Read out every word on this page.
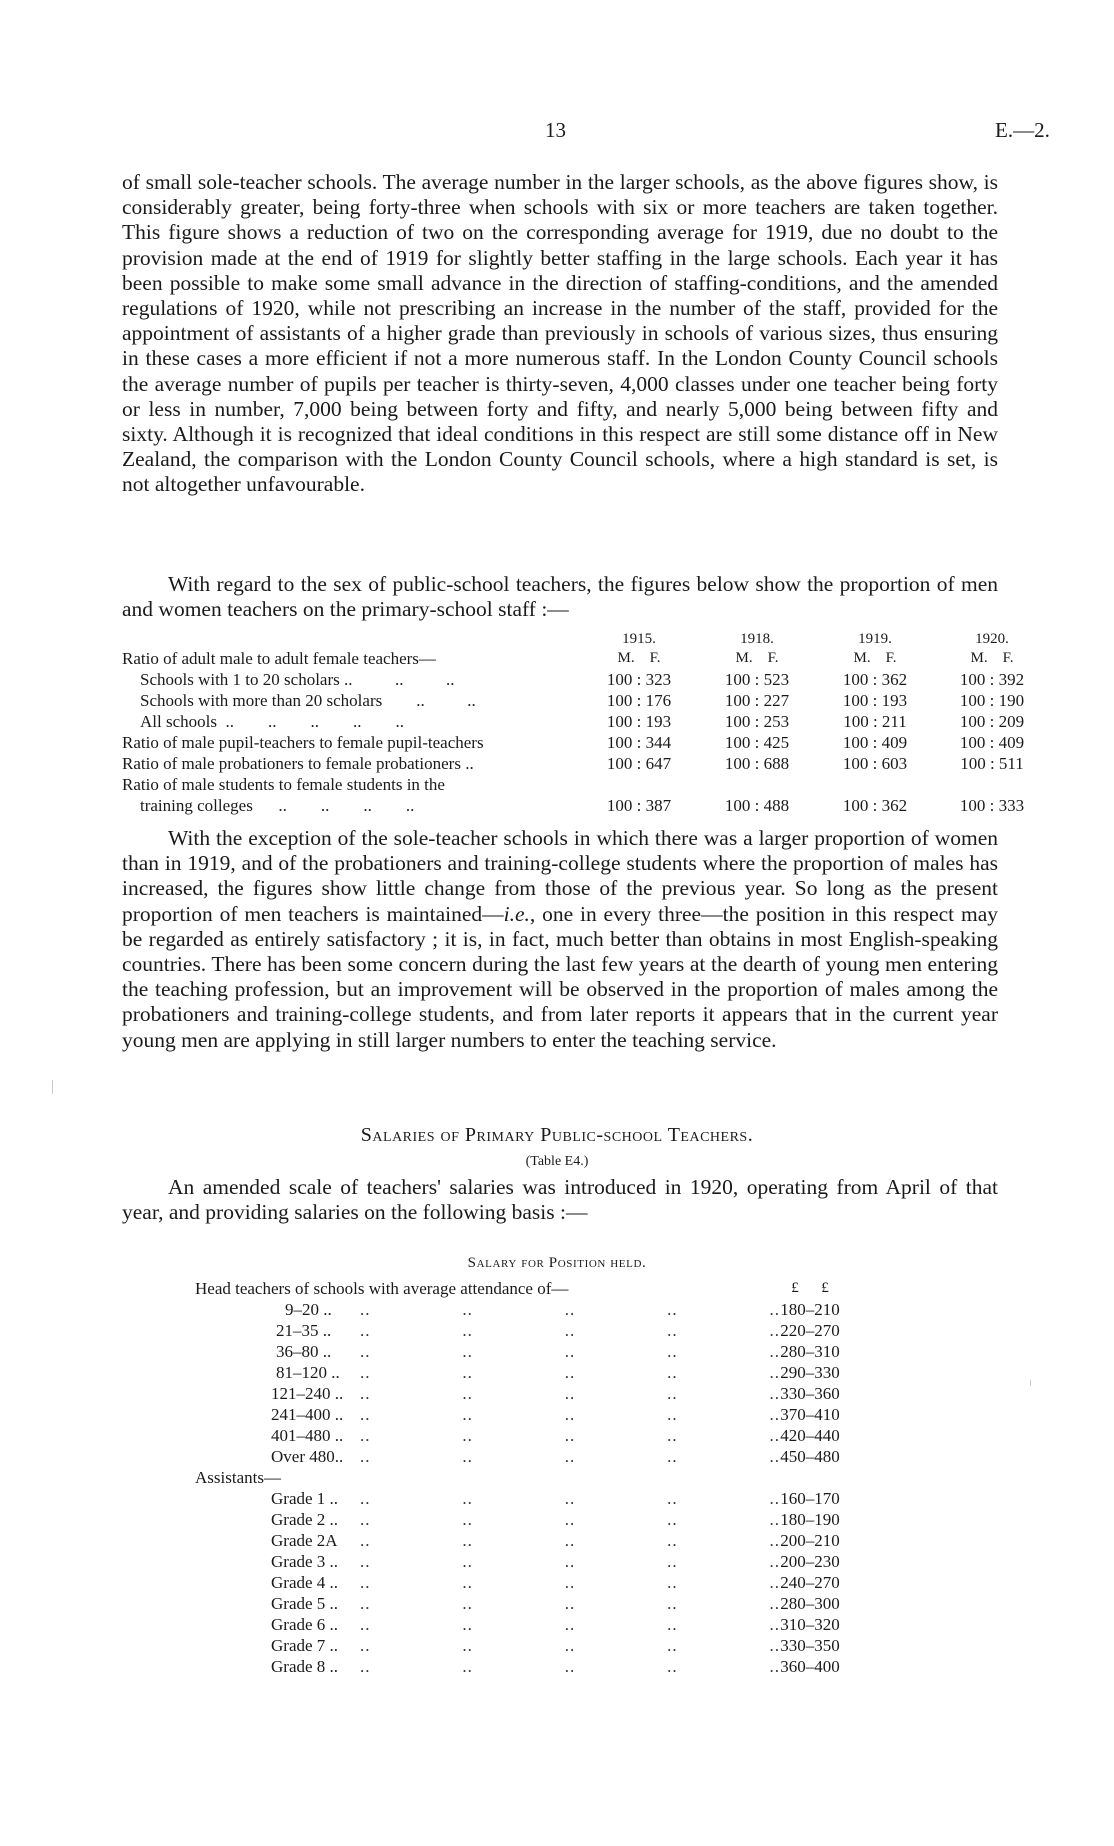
13	E.—2.

of small sole-teacher schools. The average number in the larger schools, as the above figures show, is considerably greater, being forty-three when schools with six or more teachers are taken together. This figure shows a reduction of two on the corresponding average for 1919, due no doubt to the provision made at the end of 1919 for slightly better staffing in the large schools. Each year it has been possible to make some small advance in the direction of staffing-conditions, and the amended regulations of 1920, while not prescribing an increase in the number of the staff, provided for the appointment of assistants of a higher grade than previously in schools of various sizes, thus ensuring in these cases a more efficient if not a more numerous staff. In the London County Council schools the average number of pupils per teacher is thirty-seven, 4,000 classes under one teacher being forty or less in number, 7,000 being between forty and fifty, and nearly 5,000 being between fifty and sixty. Although it is recognized that ideal conditions in this respect are still some distance off in New Zealand, the comparison with the London County Council schools, where a high standard is set, is not altogether unfavourable.

With regard to the sex of public-school teachers, the figures below show the proportion of men and women teachers on the primary-school staff :—

1915.	1918.	1919.	1920.
Ratio of adult male to adult female teachers—	M.    F.	M.    F.	M.    F.	M.    F.
Schools with 1 to 20 scholars ..          ..          ..	100 : 323	100 : 523	100 : 362	100 : 392
Schools with more than 20 scholars        ..          ..	100 : 176	100 : 227	100 : 193	100 : 190
All schools  ..        ..        ..        ..        ..	100 : 193	100 : 253	100 : 211	100 : 209
Ratio of male pupil-teachers to female pupil-teachers	100 : 344	100 : 425	100 : 409	100 : 409
Ratio of male probationers to female probationers ..	100 : 647	100 : 688	100 : 603	100 : 511
Ratio of male students to female students in the
training colleges      ..        ..        ..        ..	100 : 387	100 : 488	100 : 362	100 : 333

With the exception of the sole-teacher schools in which there was a larger proportion of women than in 1919, and of the probationers and training-college students where the proportion of males has increased, the figures show little change from those of the previous year. So long as the present proportion of men teachers is maintained—i.e., one in every three—the position in this respect may be regarded as entirely satisfactory ; it is, in fact, much better than obtains in most English-speaking countries. There has been some concern during the last few years at the dearth of young men entering the teaching profession, but an improvement will be observed in the proportion of males among the probationers and training-college students, and from later reports it appears that in the current year young men are applying in still larger numbers to enter the teaching service.

Salaries of Primary Public-school Teachers.
(Table E4.)

An amended scale of teachers' salaries was introduced in 1920, operating from April of that year, and providing salaries on the following basis :—

Salary for Position held.
Head teachers of schools with average attendance of—	£      £
9–20 .. ..	..	..	..	.. 180–210
21–35 .. ..	..	..	..	.. 220–270
36–80 .. ..	..	..	..	.. 280–310
81–120 .. ..	..	..	..	.. 290–330
121–240 .. ..	..	..	..	.. 330–360
241–400 .. ..	..	..	..	.. 370–410
401–480 .. ..	..	..	..	.. 420–440
Over 480.. ..	..	..	..	.. 450–480
Assistants—
Grade 1 .. ..	..	..	..	.. 160–170
Grade 2 .. ..	..	..	..	.. 180–190
Grade 2A ..	..	..	..	.. 200–210
Grade 3 .. ..	..	..	..	.. 200–230
Grade 4 .. ..	..	..	..	.. 240–270
Grade 5 .. ..	..	..	..	.. 280–300
Grade 6 .. ..	..	..	..	.. 310–320
Grade 7 .. ..	..	..	..	.. 330–350
Grade 8 .. ..	..	..	..	.. 360–400
